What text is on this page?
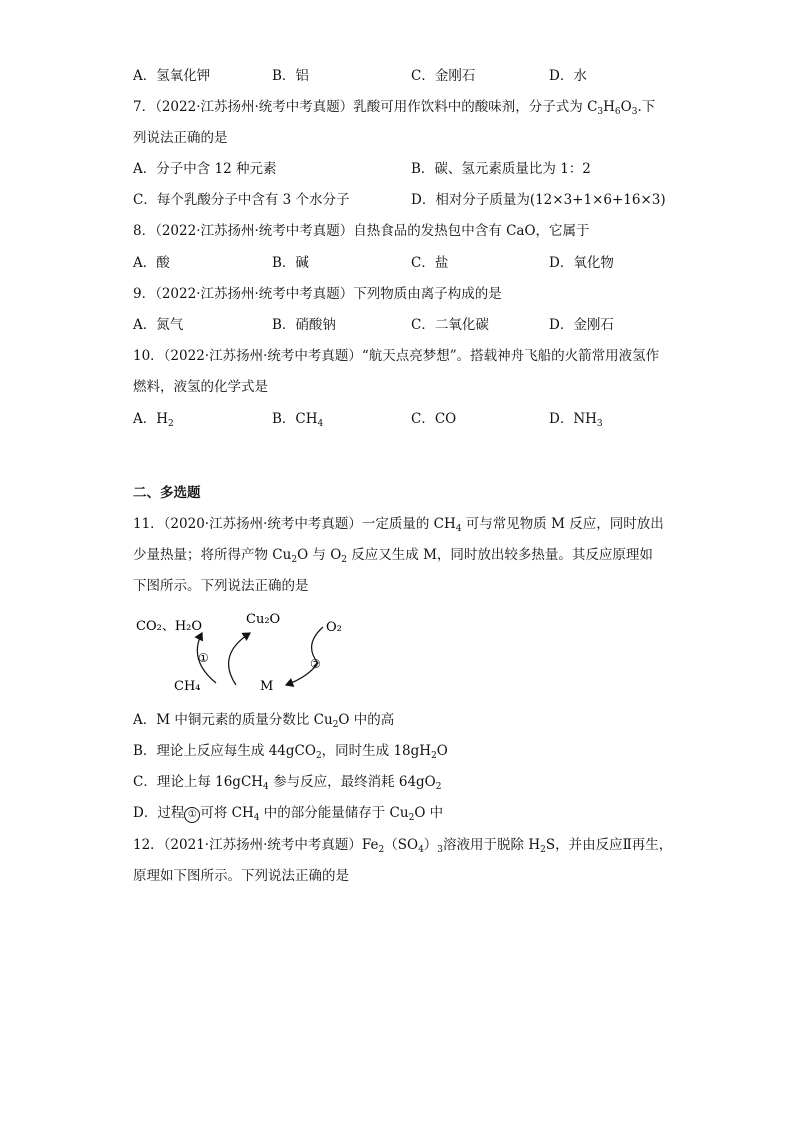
A．氢氧化钾	B．铝	C．金刚石	D．水
7．（2022·江苏扬州·统考中考真题）乳酸可用作饮料中的酸味剂，分子式为 $C_3H_6O_3$.下
列说法正确的是
A．分子中含 12 种元素	B．碳、氢元素质量比为 1：2
C．每个乳酸分子中含有 3 个水分子	D．相对分子质量为(12×3+1×6+16×3)
8．（2022·江苏扬州·统考中考真题）自热食品的发热包中含有 CaO，它属于
A．酸	B．碱	C．盐	D．氧化物
9．（2022·江苏扬州·统考中考真题）下列物质由离子构成的是
A．氮气	B．硝酸钠	C．二氧化碳	D．金刚石
10．（2022·江苏扬州·统考中考真题）“航天点亮梦想”。搭载神舟飞船的火箭常用液氢作
燃料，液氢的化学式是
A．$H_2$	B．$CH_4$	C．CO	D．$NH_3$
二、多选题
11．（2020·江苏扬州·统考中考真题）一定质量的 $CH_4$ 可与常见物质 M 反应，同时放出
少量热量；将所得产物 $Cu_2O$ 与 $O_2$ 反应又生成 M，同时放出较多热量。其反应原理如
下图所示。下列说法正确的是
CO₂、H₂O	Cu₂O
O₂
CH₄	M
①	②
A．M 中铜元素的质量分数比 $Cu_2O$ 中的高
B．理论上反应每生成 44gCO$_2$，同时生成 $18gH_2O$
C．理论上每 16gCH$_4$ 参与反应，最终消耗 $64gO_2$
D．过程 ① 可将 $CH_4$ 中的部分能量储存于 $Cu_2O$ 中
12．（2021·江苏扬州·统考中考真题）$Fe_2(SO_4)_3$溶液用于脱除 $H_2S$，并由反应Ⅱ再生，
原理如下图所示。下列说法正确的是
